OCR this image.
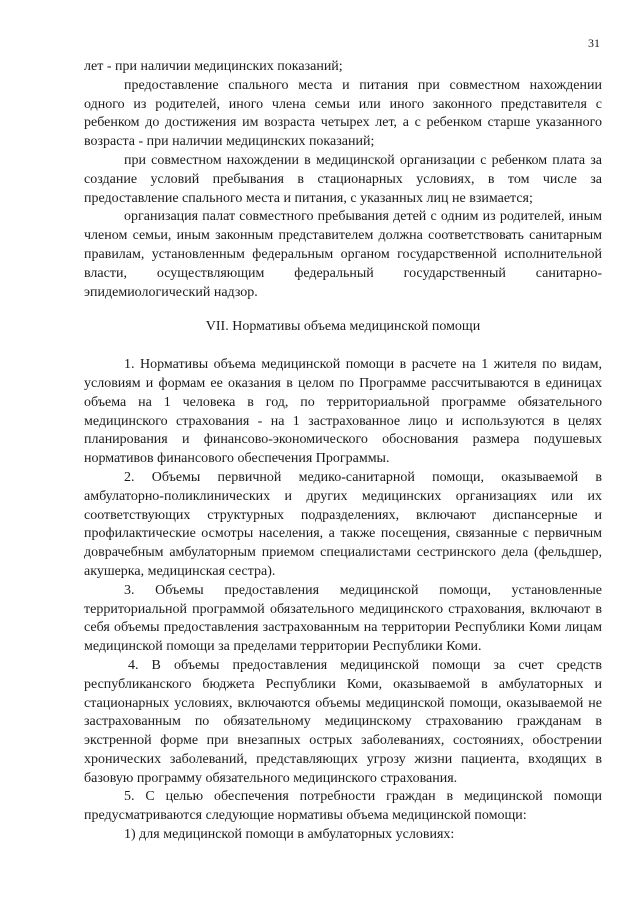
31

лет - при наличии медицинских показаний;

предоставление спального места и питания при совместном нахождении одного из родителей, иного члена семьи или иного законного представителя с ребенком до достижения им возраста четырех лет, а с ребенком старше указанного возраста - при наличии медицинских показаний;

при совместном нахождении в медицинской организации с ребенком плата за создание условий пребывания в стационарных условиях, в том числе за предоставление спального места и питания, с указанных лиц не взимается;

организация палат совместного пребывания детей с одним из родителей, иным членом семьи, иным законным представителем должна соответствовать санитарным правилам, установленным федеральным органом государственной исполнительной власти, осуществляющим федеральный государственный санитарно-эпидемиологический надзор.

VII. Нормативы объема медицинской помощи

1. Нормативы объема медицинской помощи в расчете на 1 жителя по видам, условиям и формам ее оказания в целом по Программе рассчитываются в единицах объема на 1 человека в год, по территориальной программе обязательного медицинского страхования - на 1 застрахованное лицо и используются в целях планирования и финансово-экономического обоснования размера подушевых нормативов финансового обеспечения Программы.

2. Объемы первичной медико-санитарной помощи, оказываемой в амбулаторно-поликлинических и других медицинских организациях или их соответствующих структурных подразделениях, включают диспансерные и профилактические осмотры населения, а также посещения, связанные с первичным доврачебным амбулаторным приемом специалистами сестринского дела (фельдшер, акушерка, медицинская сестра).

3. Объемы предоставления медицинской помощи, установленные территориальной программой обязательного медицинского страхования, включают в себя объемы предоставления застрахованным на территории Республики Коми лицам медицинской помощи за пределами территории Республики Коми.

4. В объемы предоставления медицинской помощи за счет средств республиканского бюджета Республики Коми, оказываемой в амбулаторных и стационарных условиях, включаются объемы медицинской помощи, оказываемой не застрахованным по обязательному медицинскому страхованию гражданам в экстренной форме при внезапных острых заболеваниях, состояниях, обострении хронических заболеваний, представляющих угрозу жизни пациента, входящих в базовую программу обязательного медицинского страхования.

5. С целью обеспечения потребности граждан в медицинской помощи предусматриваются следующие нормативы объема медицинской помощи:

1) для медицинской помощи в амбулаторных условиях:
